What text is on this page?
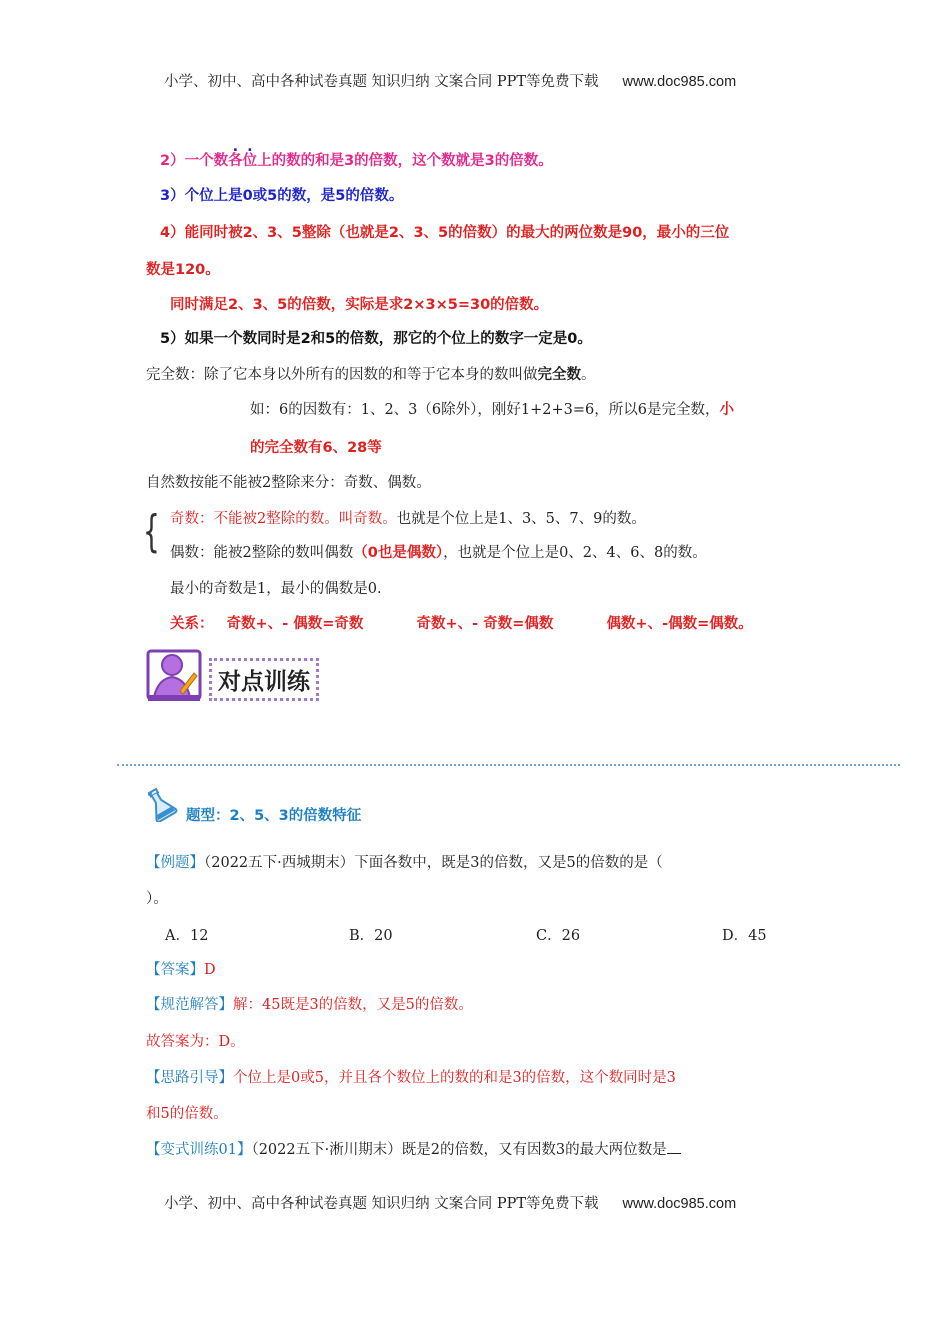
小学、初中、高中各种试卷真题 知识归纳 文案合同 PPT等免费下载 www.doc985.com
2）一个数各位上的数的和是3的倍数，这个数就是3的倍数。
3）个位上是0或5的数，是5的倍数。
4）能同时被2、3、5整除（也就是2、3、5的倍数）的最大的两位数是90，最小的三位
数是120。
同时满足2、3、5的倍数，实际是求2×3×5=30的倍数。
5）如果一个数同时是2和5的倍数，那它的个位上的数字一定是0。
完全数：除了它本身以外所有的因数的和等于它本身的数叫做完全数。
如：6的因数有：1、2、3（6除外），刚好1+2+3=6，所以6是完全数，小
的完全数有6、28等
自然数按能不能被2整除来分：奇数、偶数。
{ 奇数：不能被2整除的数。叫奇数。也就是个位上是1、3、5、7、9的数。
偶数：能被2整除的数叫偶数（0也是偶数），也就是个位上是0、2、4、6、8的数。
最小的奇数是1，最小的偶数是0.
关系： 奇数+、- 偶数=奇数	奇数+、- 奇数=偶数	偶数+、-偶数=偶数。
对点训练
题型：2、5、3的倍数特征
【例题】（2022五下·西城期末）下面各数中，既是3的倍数，又是5的倍数的是（
）。
A．12	B．20	C．26	D．45
【答案】D
【规范解答】解：45既是3的倍数，又是5的倍数。
故答案为：D。
【思路引导】个位上是0或5，并且各个数位上的数的和是3的倍数，这个数同时是3
和5的倍数。
【变式训练01】（2022五下·淅川期末）既是2的倍数，又有因数3的最大两位数是
小学、初中、高中各种试卷真题 知识归纳 文案合同 PPT等免费下载 www.doc985.com
